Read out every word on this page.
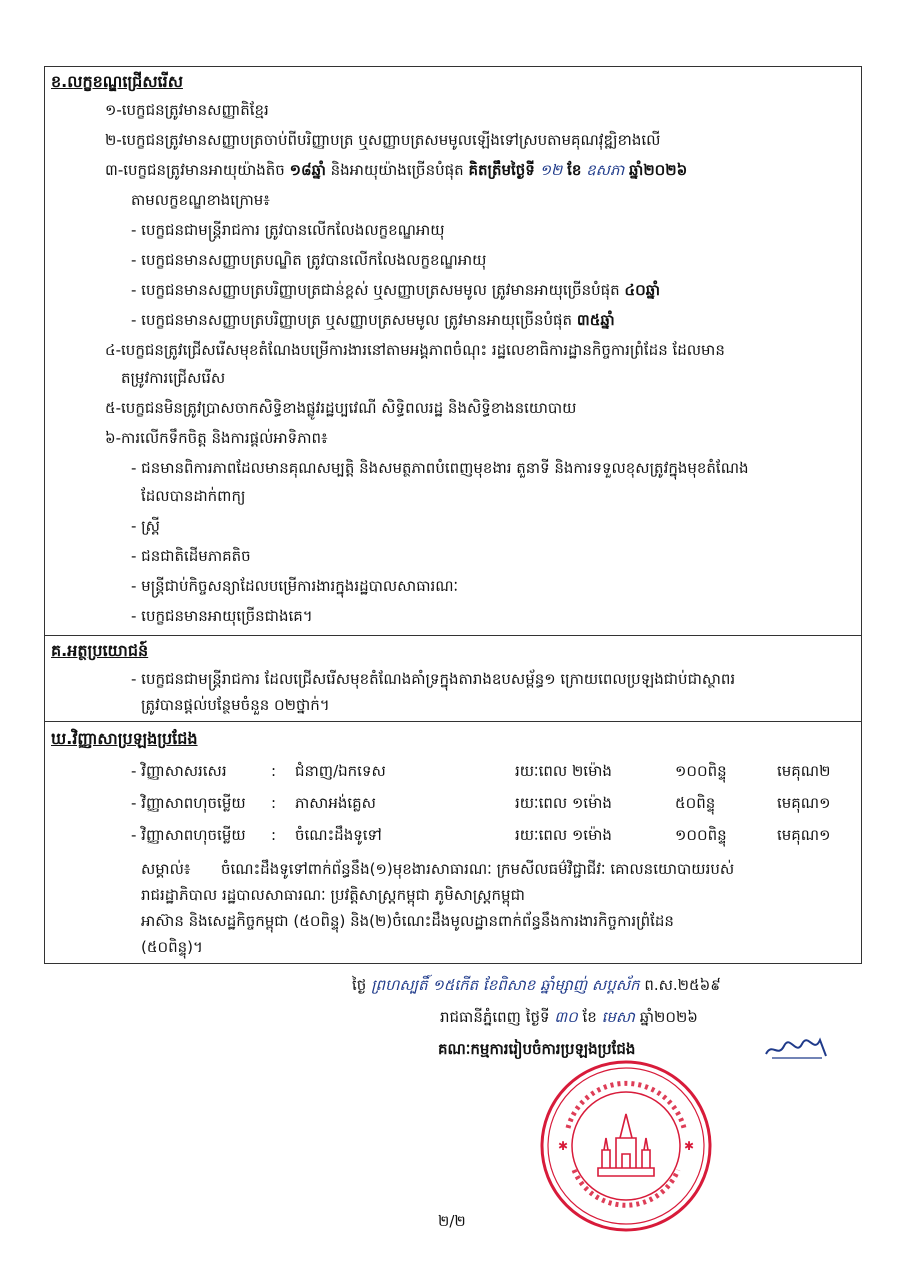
ខ.លក្ខខណ្ឌជ្រើសរើស
១-បេក្ខជនត្រូវមានសញ្ញាតិខ្មែរ
២-បេក្ខជនត្រូវមានសញ្ញាបត្រចាប់ពីបរិញ្ញាបត្រ ឬសញ្ញាបត្រសមមូលឡើងទៅស្របតាមគុណវុឌ្ឍិខាងលើ
៣-បេក្ខជនត្រូវមានអាយុយ៉ាងតិច ១៨ឆ្នាំ និងអាយុយ៉ាងច្រើនបំផុត គិតត្រឹមថ្ងៃទី ១២ ខែ ឧសភា ឆ្នាំ២០២៦
តាមលក្ខខណ្ឌខាងក្រោម៖
- បេក្ខជនជាមន្ត្រីរាជការ ត្រូវបានលើកលែងលក្ខខណ្ឌអាយុ
- បេក្ខជនមានសញ្ញាបត្របណ្ឌិត ត្រូវបានលើកលែងលក្ខខណ្ឌអាយុ
- បេក្ខជនមានសញ្ញាបត្របរិញ្ញាបត្រជាន់ខ្ពស់ ឬសញ្ញាបត្រសមមូល ត្រូវមានអាយុច្រើនបំផុត ៤០ឆ្នាំ
- បេក្ខជនមានសញ្ញាបត្របរិញ្ញាបត្រ ឬសញ្ញាបត្រសមមូល ត្រូវមានអាយុច្រើនបំផុត ៣៥ឆ្នាំ
៤-បេក្ខជនត្រូវជ្រើសរើសមុខតំណែងបម្រើការងារនៅតាមអង្គភាពចំណុះ រដ្ឋលេខាធិការដ្ឋានកិច្ចការព្រំដែន ដែលមាន
តម្រូវការជ្រើសរើស
៥-បេក្ខជនមិនត្រូវប្រាសចាកសិទ្ធិខាងផ្លូវរដ្ឋប្បវេណី សិទ្ធិពលរដ្ឋ និងសិទ្ធិខាងនយោបាយ
៦-ការលើកទឹកចិត្ត និងការផ្តល់អាទិភាព៖
- ជនមានពិការភាពដែលមានគុណសម្បត្តិ និងសមត្ថភាពបំពេញមុខងារ តួនាទី និងការទទួលខុសត្រូវក្នុងមុខតំណែង
ដែលបានដាក់ពាក្យ
- ស្ត្រី
- ជនជាតិដើមភាគតិច
- មន្ត្រីជាប់កិច្ចសន្យាដែលបម្រើការងារក្នុងរដ្ឋបាលសាធារណៈ
- បេក្ខជនមានអាយុច្រើនជាងគេ។
គ.អត្ថប្រយោជន៍
- បេក្ខជនជាមន្ត្រីរាជការ ដែលជ្រើសរើសមុខតំណែងគាំទ្រក្នុងតារាងឧបសម្ព័ន្ធ១ ក្រោយពេលប្រឡងជាប់ជាស្ថាពរ
ត្រូវបានផ្តល់បន្ថែមចំនួន ០២ថ្នាក់។
ឃ.វិញ្ញាសាប្រឡងប្រជែង
- វិញ្ញាសាសរសេរ	: ជំនាញ/ឯកទេស	រយៈពេល ២ម៉ោង	១០០ពិន្ទុ	មេគុណ២
- វិញ្ញាសាពហុចម្លើយ : ភាសាអង់គ្លេស	រយៈពេល ១ម៉ោង	៥០ពិន្ទុ	មេគុណ១
- វិញ្ញាសាពហុចម្លើយ : ចំណេះដឹងទូទៅ	រយៈពេល ១ម៉ោង	១០០ពិន្ទុ	មេគុណ១
សម្គាល់៖ ចំណេះដឹងទូទៅពាក់ព័ន្ធនឹង(១)មុខងារសាធារណៈ ក្រមសីលធម៌វិជ្ជាជីវៈ គោលនយោបាយរបស់
រាជរដ្ឋាភិបាល រដ្ឋបាលសាធារណៈ ប្រវត្តិសាស្ត្រកម្ពុជា ភូមិសាស្ត្រកម្ពុជា
អាស៊ាន និងសេដ្ឋកិច្ចកម្ពុជា (៥០ពិន្ទុ) និង(២)ចំណេះដឹងមូលដ្ឋានពាក់ព័ន្ធនឹងការងារកិច្ចការព្រំដែន
(៥០ពិន្ទុ)។
ថ្ងៃ ព្រហស្បតិ៍ ១៥កើត ខែពិសាខ ឆ្នាំម្សាញ់ សប្តស័ក ព.ស.២៥៦៩
រាជធានីភ្នំពេញ ថ្ងៃទី ៣០ ខែ មេសា ឆ្នាំ២០២៦
គណៈកម្មការរៀបចំការប្រឡងប្រជែង
✱	✱
២/២
